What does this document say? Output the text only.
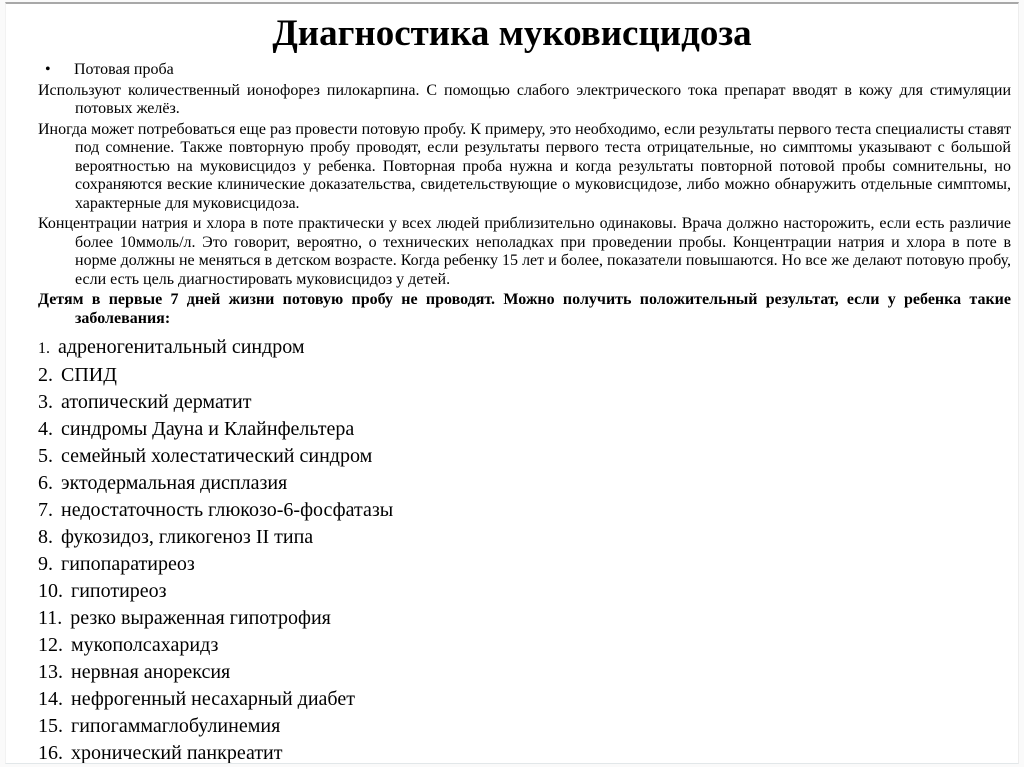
Диагностика муковисцидоза
• Потовая проба

Используют количественный ионофорез пилокарпина. С помощью слабого электрического тока препарат вводят в кожу для стимуляции потовых желёз.

Иногда может потребоваться еще раз провести потовую пробу. К примеру, это необходимо, если результаты первого теста специалисты ставят под сомнение. Также повторную пробу проводят, если результаты первого теста отрицательные, но симптомы указывают с большой вероятностью на муковисцидоз у ребенка. Повторная проба нужна и когда результаты повторной потовой пробы сомнительны, но сохраняются веские клинические доказательства, свидетельствующие о муковисцидозе, либо можно обнаружить отдельные симптомы, характерные для муковисцидоза.

Концентрации натрия и хлора в поте практически у всех людей приблизительно одинаковы. Врача должно насторожить, если есть различие более 10ммоль/л. Это говорит, вероятно, о технических неполадках при проведении пробы. Концентрации натрия и хлора в поте в норме должны не меняться в детском возрасте. Когда ребенку 15 лет и более, показатели повышаются. Но все же делают потовую пробу, если есть цель диагностировать муковисцидоз у детей.

Детям в первые 7 дней жизни потовую пробу не проводят. Можно получить положительный результат, если у ребенка такие заболевания:

1. адреногенитальный синдром
2. СПИД
3. атопический дерматит
4. синдромы Дауна и Клайнфельтера
5. семейный холестатический синдром
6. эктодермальная дисплазия
7. недостаточность глюкозо-6-фосфатазы
8. фукозидоз, гликогеноз II типа
9. гипопаратиреоз
10. гипотиреоз
11. резко выраженная гипотрофия
12. мукополсахаридз
13. нервная анорексия
14. нефрогенный несахарный диабет
15. гипогаммаглобулинемия
16. хронический панкреатит
